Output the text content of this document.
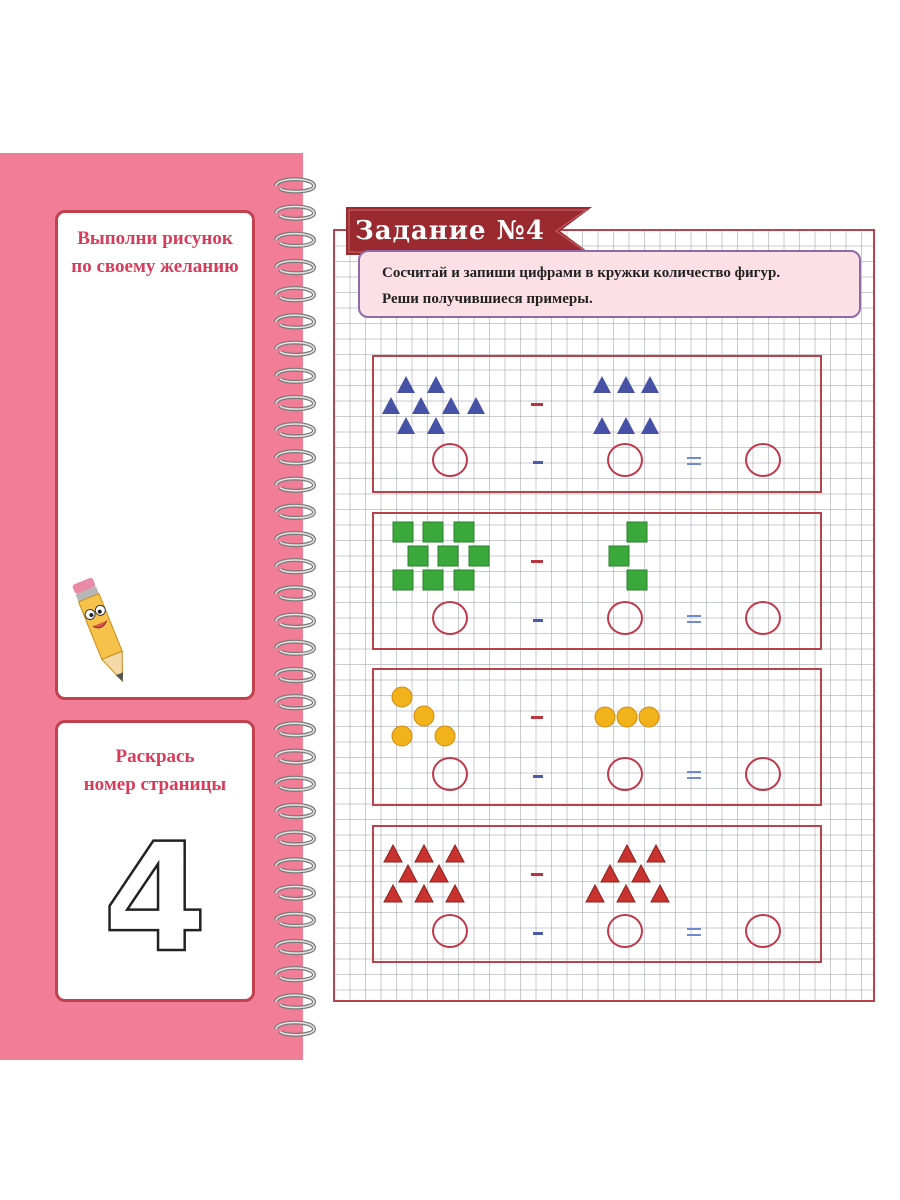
Выполни рисунок
по своему желанию
Раскрась
номер страницы
4
Задание №4
Сосчитай и запиши цифрами в кружки количество фигур.
Реши получившиеся примеры.
